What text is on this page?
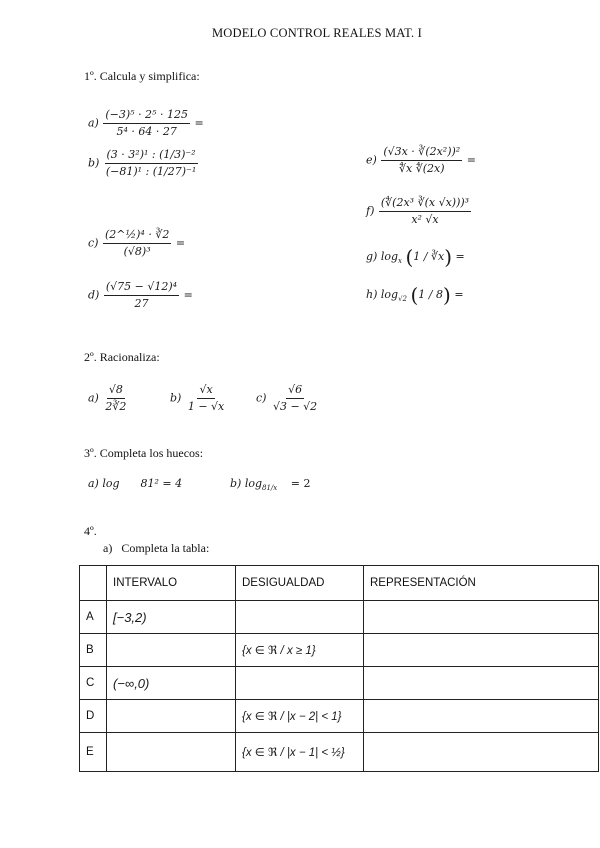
MODELO CONTROL REALES MAT. I
1º. Calcula y simplifica:
$a) \frac{\text{(−3)⁵ · 2⁵ · 125}}{\text{5⁴ · 64 · 27}}$ =
$b) \frac{\text{(3 · 3²)¹ : (1/3)⁻²}}{\text{(−81)¹ : (1/27)⁻¹}}$
$c) \frac{\text{(2\textasciicircum{}½)⁴ · ∛2}}{\text{(√8)³}}$ =
$d) \frac{\text{(√75 − √12)⁴}}{27}$ =
$e) \frac{\text{(√3x · ∛(2x²))²}}{∜x ∜(2x)}$ =
$f) \frac{\text{(∜(2x³ ∛(x √x)))³}}{\text{x² √x}}$
g) $\log_x (1$ / ∛x) =
h) $\log_{√2} (1 / 8)$ =
2º. Racionaliza:
$a) \frac{√8}{2∛2}$	$b) \frac{√x}{1 - √x}$	$c) \frac{√6}{√3 - √2}$
3º. Completa los huecos:
a) log      81² = 4	b) $\log_{81/x} = 2$
4º.
a)   Completa la tabla:
	INTERVALO	DESIGUALDAD	REPRESENTACIÓN
A	[−3,2)		
B		{x ∈ ℜ / x ≥ 1}	
C	(−∞,0)		
D		{x ∈ ℜ / |x − 2| < 1}	
E		{x ∈ ℜ / |x − 1| < ½}	
